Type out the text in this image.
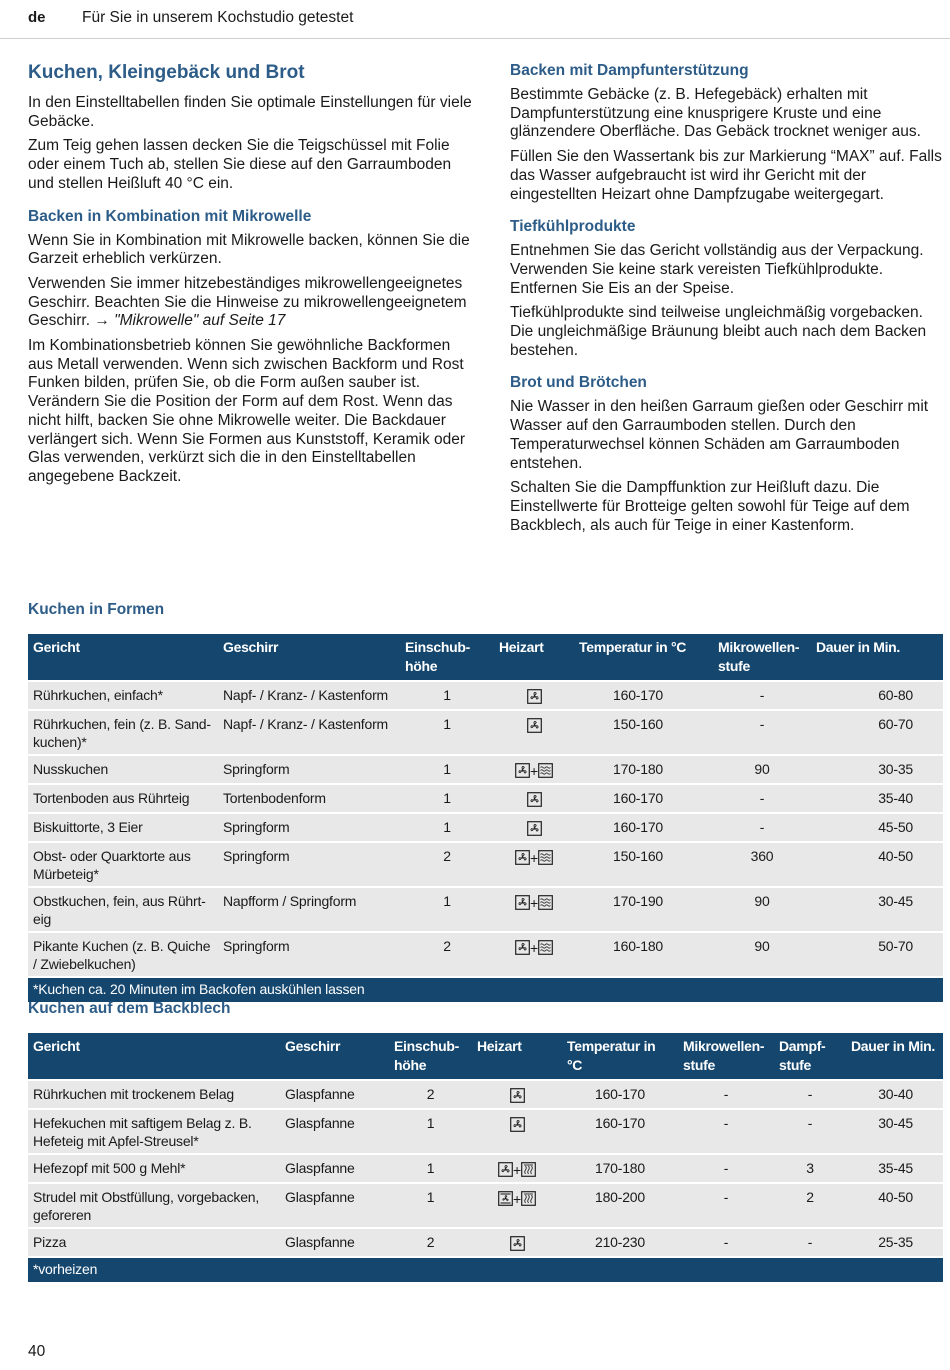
de Für Sie in unserem Kochstudio getestet
Kuchen, Kleingebäck und Brot

In den Einstelltabellen finden Sie optimale Einstellungen für viele Gebäcke.

Zum Teig gehen lassen decken Sie die Teigschüssel mit Folie oder einem Tuch ab, stellen Sie diese auf den Garraumboden und stellen Heißluft 40 °C ein.

Backen in Kombination mit Mikrowelle

Wenn Sie in Kombination mit Mikrowelle backen, können Sie die Garzeit erheblich verkürzen.

Verwenden Sie immer hitzebeständiges mikrowellengeeignetes Geschirr. Beachten Sie die Hinweise zu mikrowellengeeignetem Geschirr. → "Mikrowelle" auf Seite 17

Im Kombinationsbetrieb können Sie gewöhnliche Backformen aus Metall verwenden. Wenn sich zwischen Backform und Rost Funken bilden, prüfen Sie, ob die Form außen sauber ist. Verändern Sie die Position der Form auf dem Rost. Wenn das nicht hilft, backen Sie ohne Mikrowelle weiter. Die Backdauer verlängert sich. Wenn Sie Formen aus Kunststoff, Keramik oder Glas verwenden, verkürzt sich die in den Einstelltabellen angegebene Backzeit.

Backen mit Dampfunterstützung

Bestimmte Gebäcke (z. B. Hefegebäck) erhalten mit Dampfunterstützung eine knusprigere Kruste und eine glänzendere Oberfläche. Das Gebäck trocknet weniger aus.

Füllen Sie den Wassertank bis zur Markierung “MAX” auf. Falls das Wasser aufgebraucht ist wird ihr Gericht mit der eingestellten Heizart ohne Dampfzugabe weitergegart.

Tiefkühlprodukte

Entnehmen Sie das Gericht vollständig aus der Verpackung. Verwenden Sie keine stark vereisten Tiefkühlprodukte. Entfernen Sie Eis an der Speise.

Tiefkühlprodukte sind teilweise ungleichmäßig vorgebacken. Die ungleichmäßige Bräunung bleibt auch nach dem Backen bestehen.

Brot und Brötchen

Nie Wasser in den heißen Garraum gießen oder Geschirr mit Wasser auf den Garraumboden stellen. Durch den Temperaturwechsel können Schäden am Garraumboden entstehen.

Schalten Sie die Dampffunktion zur Heißluft dazu. Die Einstellwerte für Brotteige gelten sowohl für Teige auf dem Backblech, als auch für Teige in einer Kastenform.

Kuchen in Formen
Gericht	Geschirr	Einschub-höhe	Heizart	Temperatur in °C	Mikrowellen-stufe	Dauer in Min.
Rührkuchen, einfach*	Napf- / Kranz- / Kastenform	1		160-170	-	60-80
Rührkuchen, fein (z. B. Sand-kuchen)*	Napf- / Kranz- / Kastenform	1		150-160	-	60-70
Nusskuchen	Springform	1	+	170-180	90	30-35
Tortenboden aus Rührteig	Tortenbodenform	1		160-170	-	35-40
Biskuittorte, 3 Eier	Springform	1		160-170	-	45-50
Obst- oder Quarktorte aus Mürbeteig*	Springform	2	+	150-160	360	40-50
Obstkuchen, fein, aus Rührt-eig	Napfform / Springform	1	+	170-190	90	30-45
Pikante Kuchen (z. B. Quiche / Zwiebelkuchen)	Springform	2	+	160-180	90	50-70
*Kuchen ca. 20 Minuten im Backofen auskühlen lassen						
Kuchen auf dem Backblech
Gericht	Geschirr	Einschub-höhe	Heizart	Temperatur in °C	Mikrowellen-stufe	Dampf-stufe	Dauer in Min.
Rührkuchen mit trockenem Belag	Glaspfanne	2		160-170	-	-	30-40
Hefekuchen mit saftigem Belag z. B. Hefeteig mit Apfel-Streusel*	Glaspfanne	1		160-170	-	-	30-45
Hefezopf mit 500 g Mehl*	Glaspfanne	1	+	170-180	-	3	35-45
Strudel mit Obstfüllung, vorgebacken, geforeren	Glaspfanne	1	+	180-200	-	2	40-50
Pizza	Glaspfanne	2		210-230	-	-	25-35
*vorheizen							
40
